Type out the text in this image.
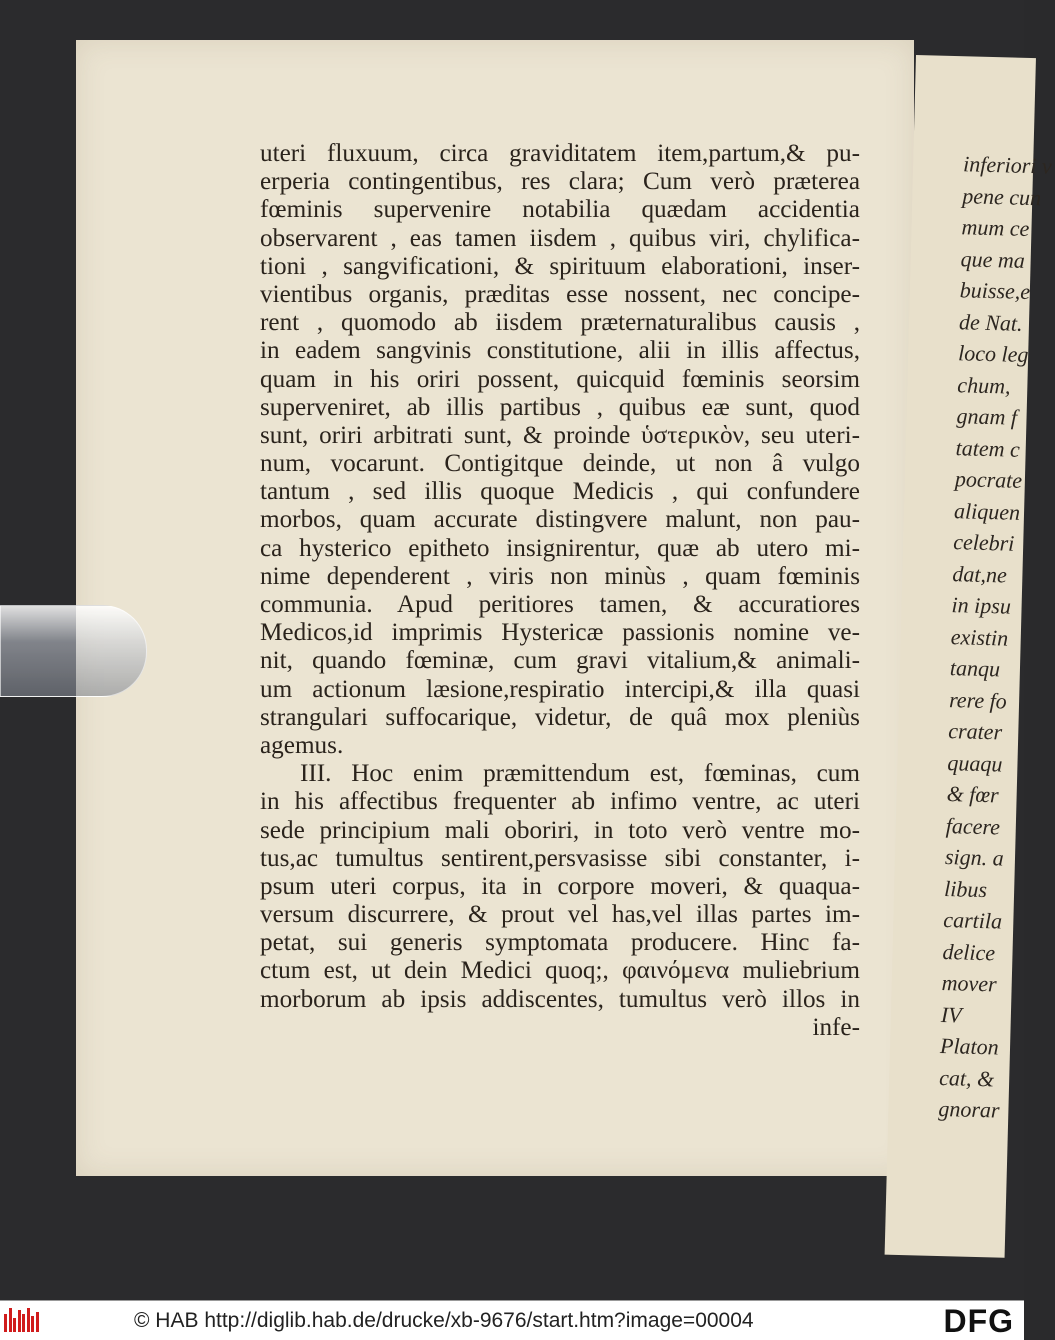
inferiori v
pene cun
mum ce
que ma
buisse,e
de Nat.
loco leg
chum,
gnam f
tatem c
pocrate
aliquen
celebri
dat,ne
in ipsu
existin
tanqu
rere fo
crater
quaqu
& fœr
facere
sign. a
libus
cartila
delice
mover
IV
Platon
cat, &
gnorar
uteri fluxuum, circa graviditatem item,partum,& pu-
erperia contingentibus, res clara; Cum verò præterea
fœminis supervenire notabilia quædam accidentia
observarent , eas tamen iisdem , quibus viri, chylifica-
tioni , sangvificationi, & spirituum elaborationi, inser-
vientibus organis, præditas esse nossent, nec concipe-
rent , quomodo ab iisdem præternaturalibus causis ,
in eadem sangvinis constitutione, alii in illis affectus,
quam in his oriri possent, quicquid fœminis seorsim
superveniret, ab illis partibus , quibus eæ sunt, quod
sunt, oriri arbitrati sunt, & proinde ὑστερικὸν, seu uteri-
num, vocarunt. Contigitque deinde, ut non â vulgo
tantum , sed illis quoque Medicis , qui confundere
morbos, quam accurate distingvere malunt, non pau-
ca hysterico epitheto insignirentur, quæ ab utero mi-
nime dependerent , viris non minùs , quam fœminis
communia. Apud peritiores tamen, & accuratiores
Medicos,id imprimis Hystericæ passionis nomine ve-
nit, quando fœminæ, cum gravi vitalium,& animali-
um actionum læsione,respiratio intercipi,& illa quasi
strangulari suffocarique, videtur, de quâ mox pleniùs
agemus.
III. Hoc enim præmittendum est, fœminas, cum
in his affectibus frequenter ab infimo ventre, ac uteri
sede principium mali oboriri, in toto verò ventre mo-
tus,ac tumultus sentirent,persvasisse sibi constanter, i-
psum uteri corpus, ita in corpore moveri, & quaqua-
versum discurrere, & prout vel has,vel illas partes im-
petat, sui generis symptomata producere. Hinc fa-
ctum est, ut dein Medici quoq;, φαινόμενα muliebrium
morborum ab ipsis addiscentes, tumultus verò illos in
infe-
© HAB http://diglib.hab.de/drucke/xb-9676/start.htm?image=00004	DFG
